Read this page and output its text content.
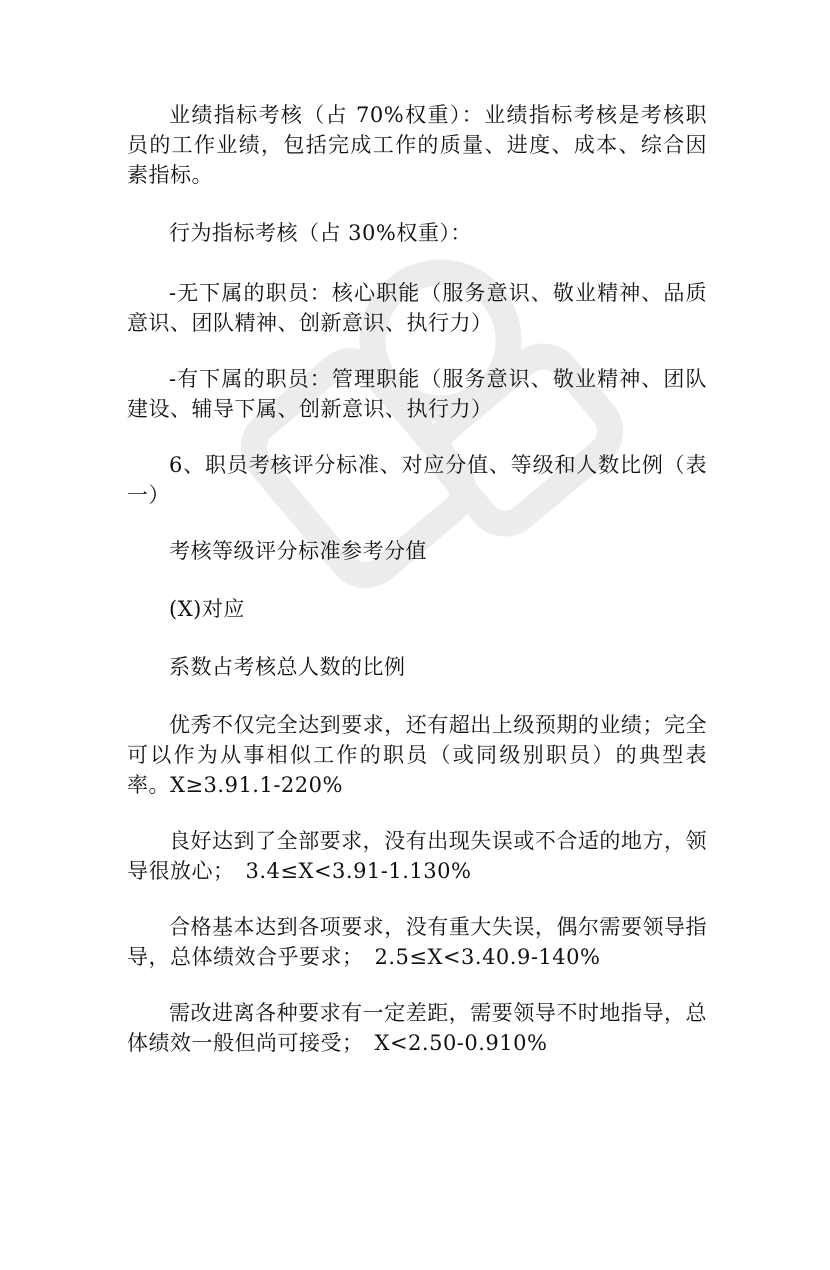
业绩指标考核（占 70%权重）：业绩指标考核是考核职员的工作业绩，包括完成工作的质量、进度、成本、综合因素指标。

行为指标考核（占 30%权重）：

-无下属的职员：核心职能（服务意识、敬业精神、品质意识、团队精神、创新意识、执行力）

-有下属的职员：管理职能（服务意识、敬业精神、团队建设、辅导下属、创新意识、执行力）

6、职员考核评分标准、对应分值、等级和人数比例（表一）

考核等级评分标准参考分值

(X)对应

系数占考核总人数的比例

优秀不仅完全达到要求，还有超出上级预期的业绩；完全可以作为从事相似工作的职员（或同级别职员）的典型表率。X≥3.91.1-220%

良好达到了全部要求，没有出现失误或不合适的地方，领导很放心；　3.4≤X<3.91-1.130%

合格基本达到各项要求，没有重大失误，偶尔需要领导指导，总体绩效合乎要求；　2.5≤X<3.40.9-140%

需改进离各种要求有一定差距，需要领导不时地指导，总体绩效一般但尚可接受；　X<2.50-0.910%
